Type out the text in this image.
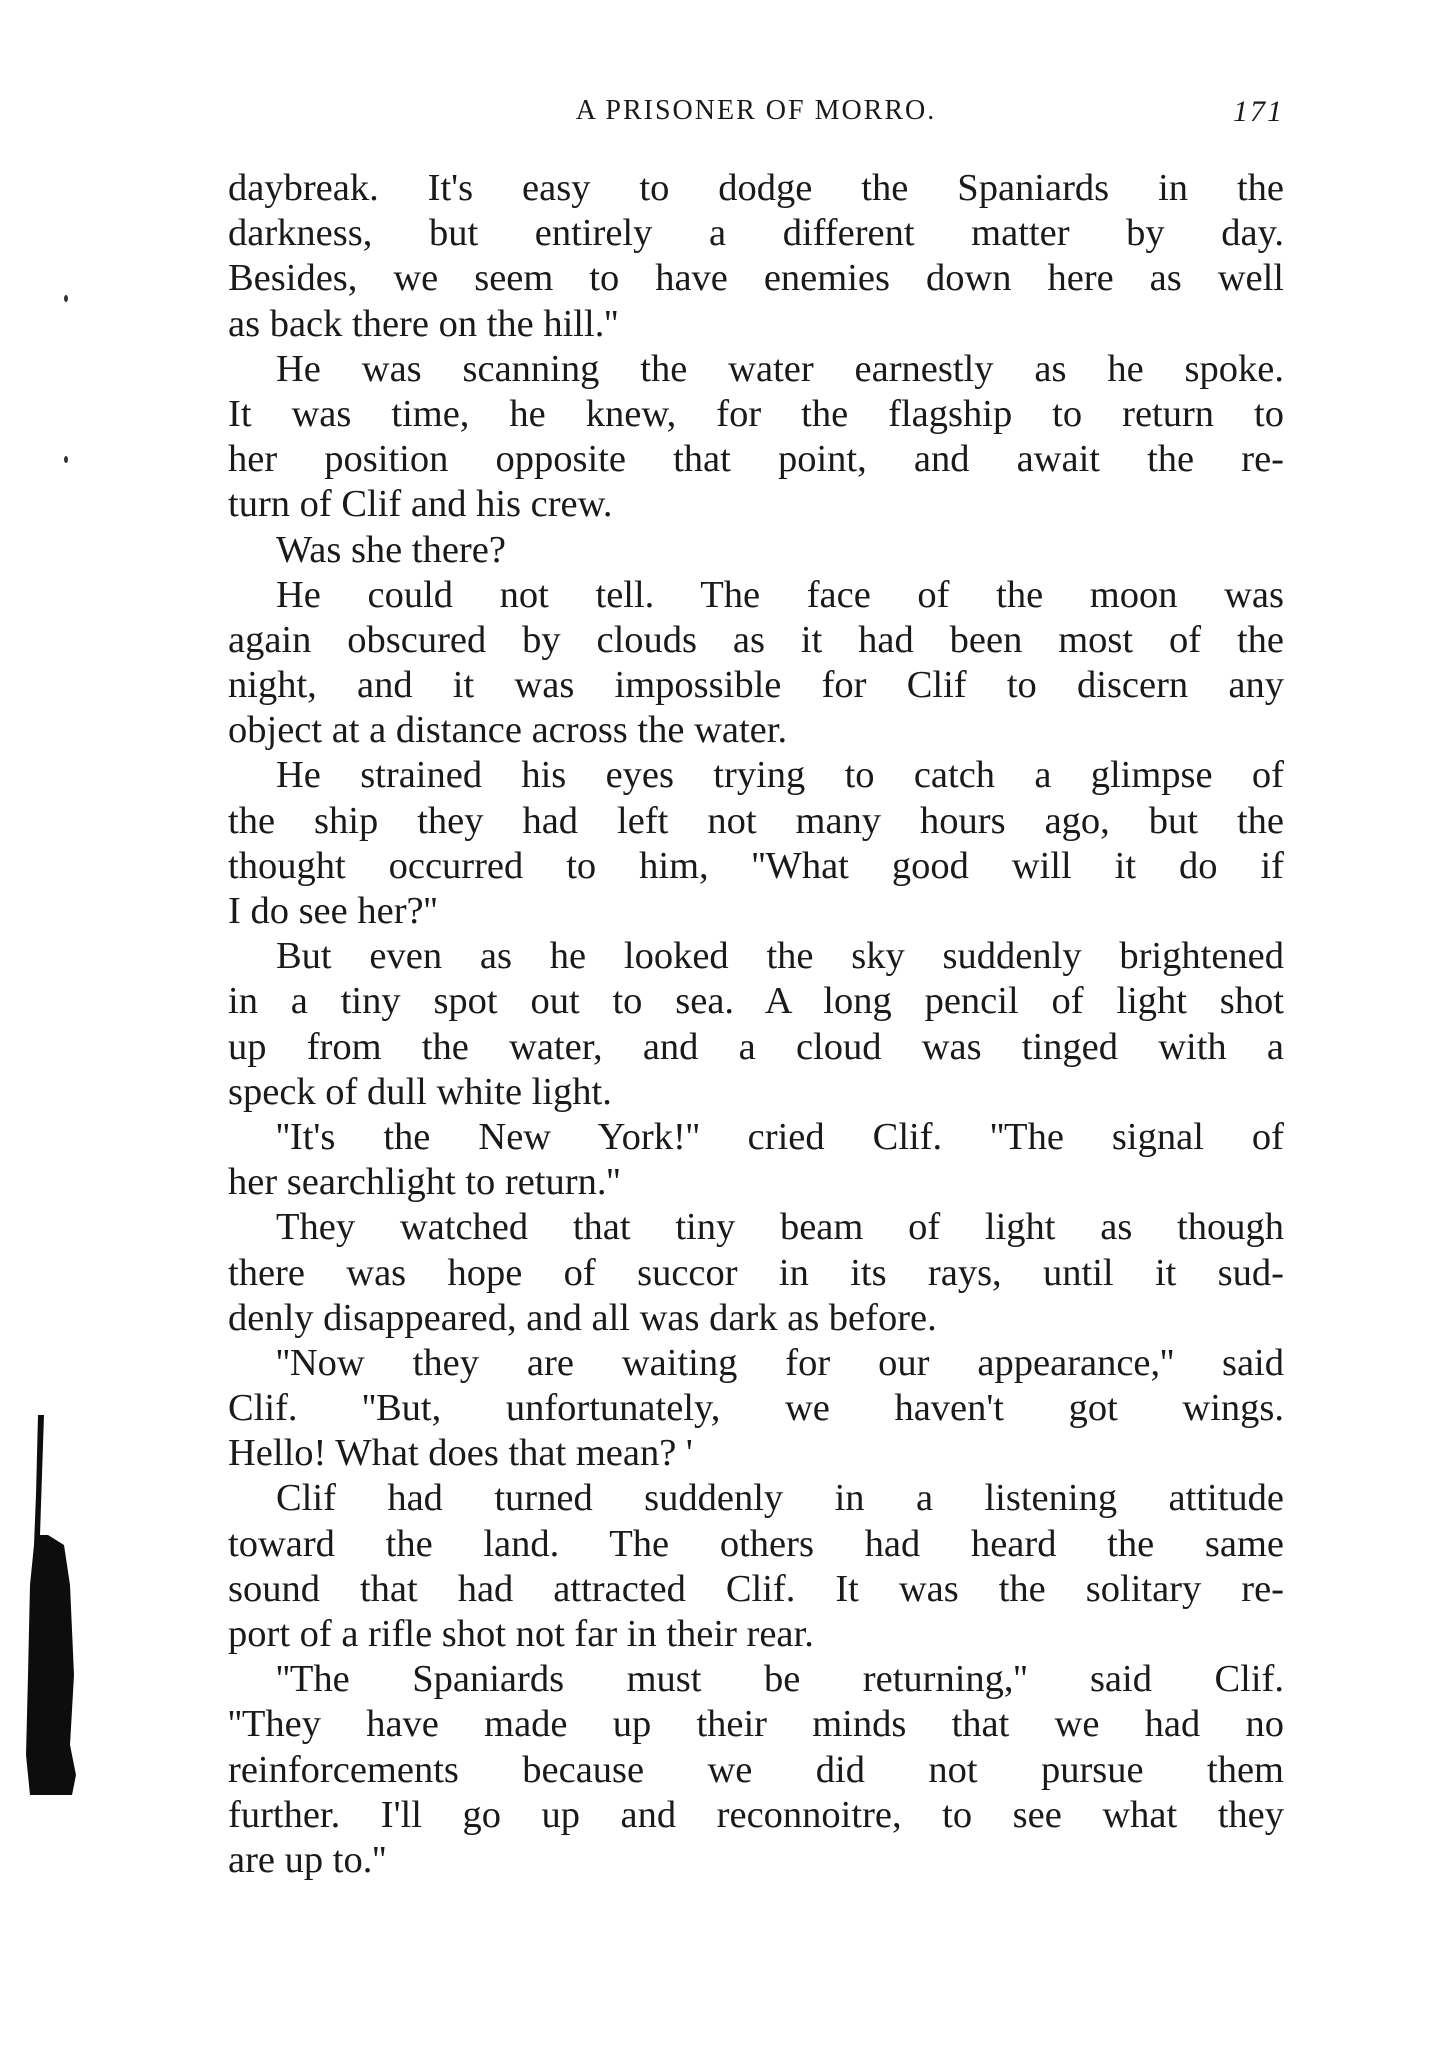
A PRISONER OF MORRO.	171
daybreak. It's easy to dodge the Spaniards in the
darkness, but entirely a different matter by day.
Besides, we seem to have enemies down here as well
as back there on the hill.''
He was scanning the water earnestly as he spoke.
It was time, he knew, for the flagship to return to
her position opposite that point, and await the re-
turn of Clif and his crew.
Was she there?
He could not tell. The face of the moon was
again obscured by clouds as it had been most of the
night, and it was impossible for Clif to discern any
object at a distance across the water.
He strained his eyes trying to catch a glimpse of
the ship they had left not many hours ago, but the
thought occurred to him, ''What good will it do if
I do see her?''
But even as he looked the sky suddenly brightened
in a tiny spot out to sea. A long pencil of light shot
up from the water, and a cloud was tinged with a
speck of dull white light.
''It's the New York!'' cried Clif. ''The signal of
her searchlight to return.''
They watched that tiny beam of light as though
there was hope of succor in its rays, until it sud-
denly disappeared, and all was dark as before.
''Now they are waiting for our appearance,'' said
Clif. ''But, unfortunately, we haven't got wings.
Hello! What does that mean? '
Clif had turned suddenly in a listening attitude
toward the land. The others had heard the same
sound that had attracted Clif. It was the solitary re-
port of a rifle shot not far in their rear.
''The Spaniards must be returning,'' said Clif.
''They have made up their minds that we had no
reinforcements because we did not pursue them
further. I'll go up and reconnoitre, to see what they
are up to.''
